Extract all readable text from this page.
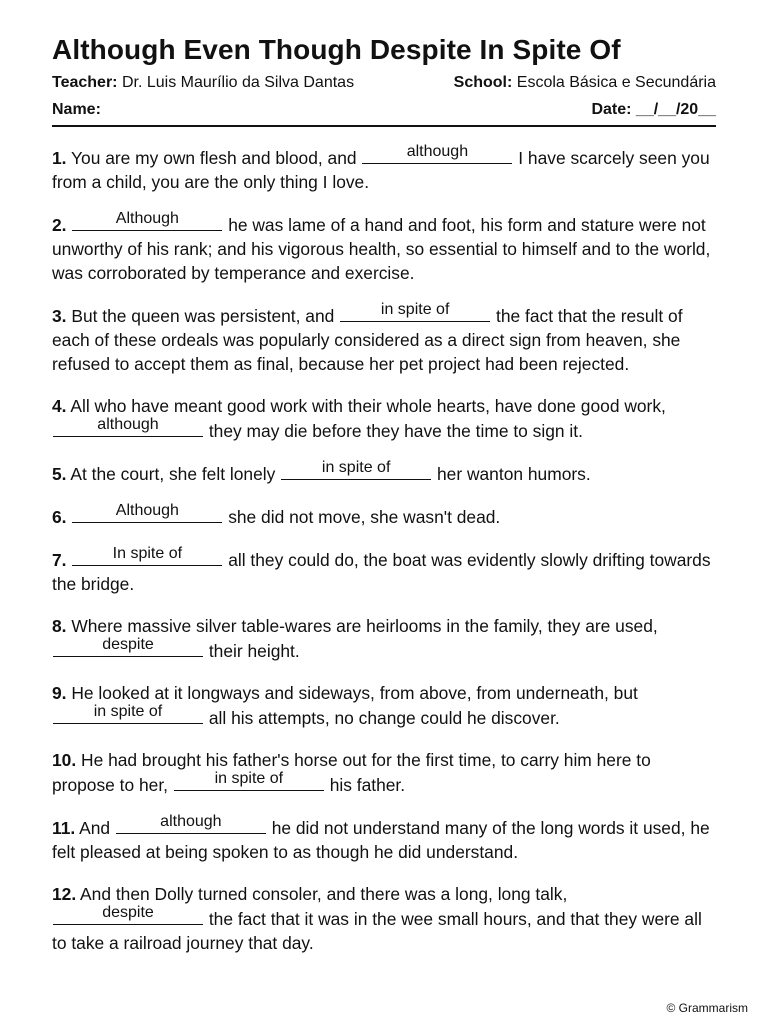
Although Even Though Despite In Spite Of
Teacher: Dr. Luis Maurílio da Silva Dantas	School: Escola Básica e Secundária
Name:	Date: __/__/20__

1. You are my own flesh and blood, and	although	I have scarcely seen you from a child, you are the only thing I love.

2.	Although	he was lame of a hand and foot, his form and stature were not unworthy of his rank; and his vigorous health, so essential to himself and to the world, was corroborated by temperance and exercise.

3. But the queen was persistent, and	in spite of	the fact that the result of each of these ordeals was popularly considered as a direct sign from heaven, she refused to accept them as final, because her pet project had been rejected.

4. All who have meant good work with their whole hearts, have done good work,
although	they may die before they have the time to sign it.

5. At the court, she felt lonely	in spite of	her wanton humors.

6.	Although	she did not move, she wasn't dead.

7.	In spite of	all they could do, the boat was evidently slowly drifting towards the bridge.

8. Where massive silver table-wares are heirlooms in the family, they are used,
despite	their height.

9. He looked at it longways and sideways, from above, from underneath, but
in spite of	all his attempts, no change could he discover.

10. He had brought his father's horse out for the first time, to carry him here to propose to her,	in spite of	his father.

11. And	although	he did not understand many of the long words it used, he felt pleased at being spoken to as though he did understand.

12. And then Dolly turned consoler, and there was a long, long talk,
despite	the fact that it was in the wee small hours, and that they were all to take a railroad journey that day.

© Grammarism
